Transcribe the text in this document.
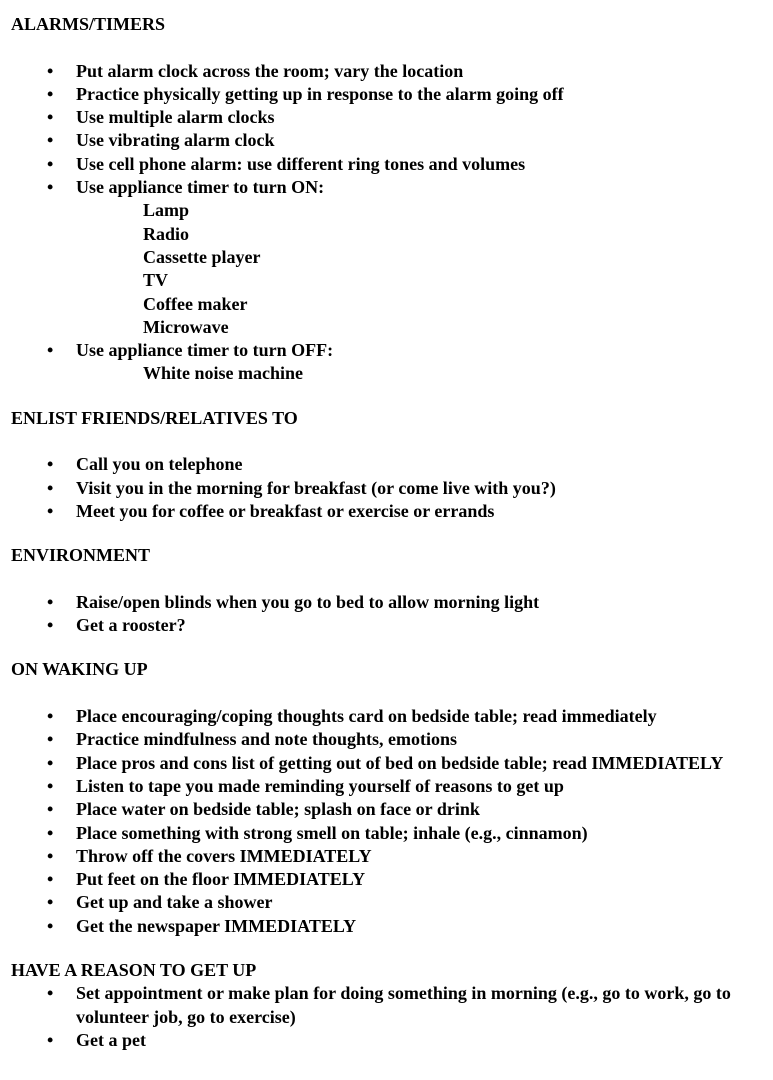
ALARMS/TIMERS
• Put alarm clock across the room; vary the location
• Practice physically getting up in response to the alarm going off
• Use multiple alarm clocks
• Use vibrating alarm clock
• Use cell phone alarm: use different ring tones and volumes
• Use appliance timer to turn ON:
Lamp
Radio
Cassette player
TV
Coffee maker
Microwave
• Use appliance timer to turn OFF:
White noise machine
ENLIST FRIENDS/RELATIVES TO
• Call you on telephone
• Visit you in the morning for breakfast (or come live with you?)
• Meet you for coffee or breakfast or exercise or errands
ENVIRONMENT
• Raise/open blinds when you go to bed to allow morning light
• Get a rooster?
ON WAKING UP
• Place encouraging/coping thoughts card on bedside table; read immediately
• Practice mindfulness and note thoughts, emotions
• Place pros and cons list of getting out of bed on bedside table; read IMMEDIATELY
• Listen to tape you made reminding yourself of reasons to get up
• Place water on bedside table; splash on face or drink
• Place something with strong smell on table; inhale (e.g., cinnamon)
• Throw off the covers IMMEDIATELY
• Put feet on the floor IMMEDIATELY
• Get up and take a shower
• Get the newspaper IMMEDIATELY
HAVE A REASON TO GET UP
• Set appointment or make plan for doing something in morning (e.g., go to work, go to volunteer job, go to exercise)
• Get a pet
